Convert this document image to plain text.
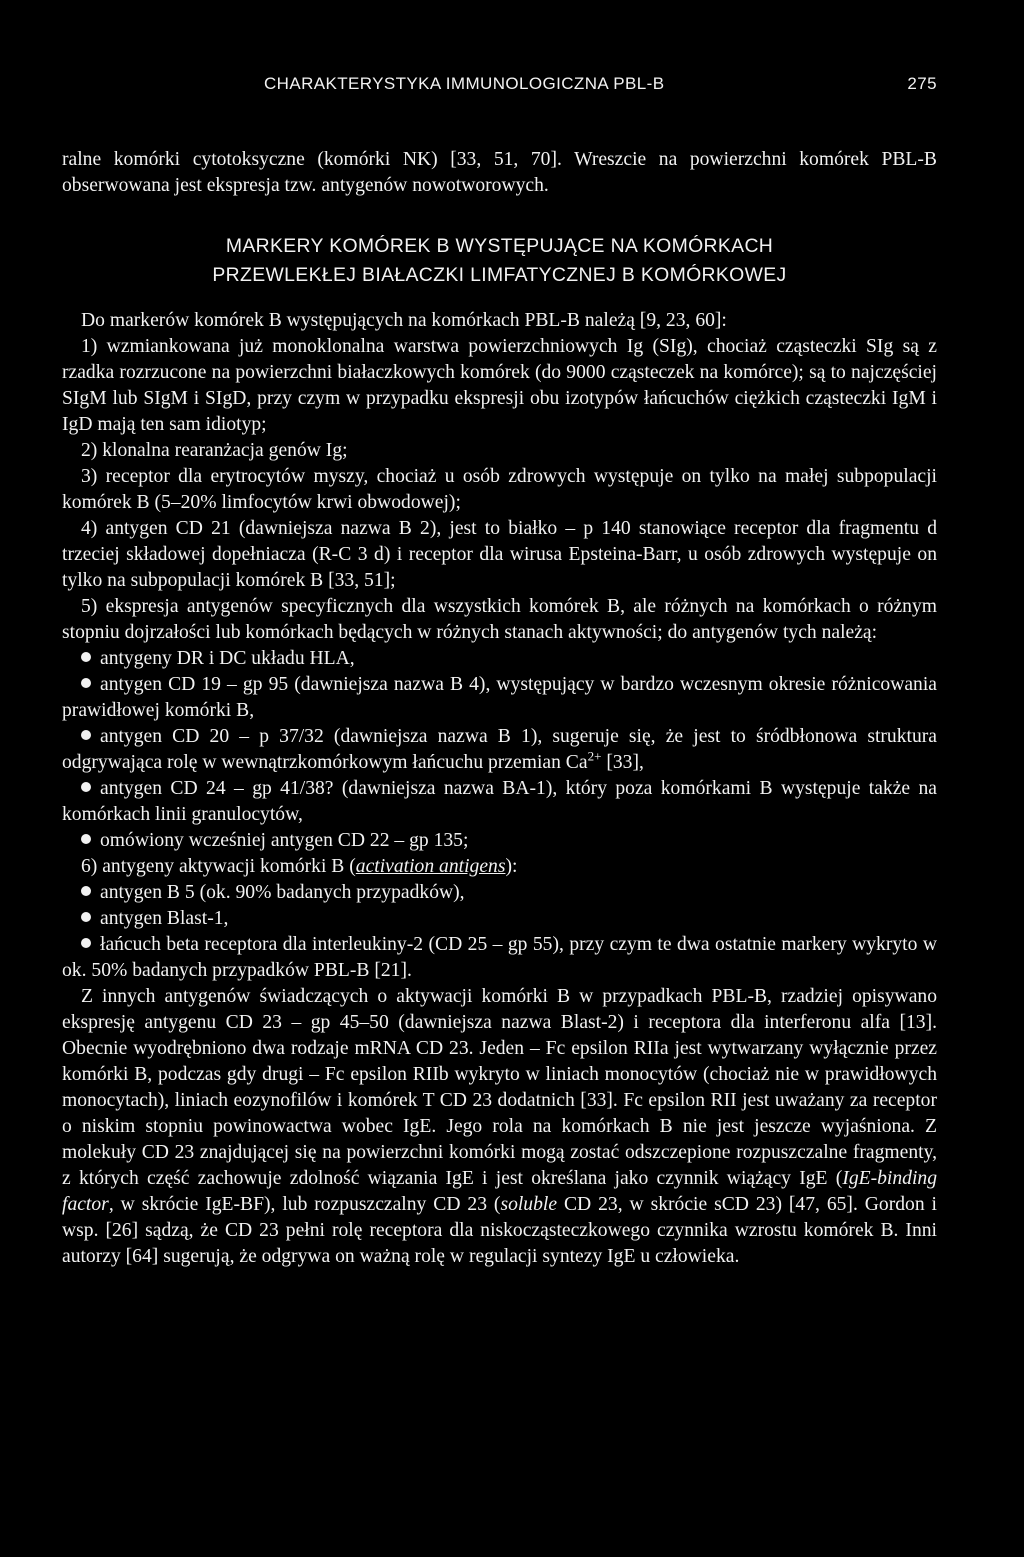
CHARAKTERYSTYKA IMMUNOLOGICZNA PBL-B	275

ralne komórki cytotoksyczne (komórki NK) [33, 51, 70]. Wreszcie na powierzchni komórek PBL-B obserwowana jest ekspresja tzw. antygenów nowotworowych.

MARKERY KOMÓREK B WYSTĘPUJĄCE NA KOMÓRKACH
PRZEWLEKŁEJ BIAŁACZKI LIMFATYCZNEJ B KOMÓRKOWEJ

Do markerów komórek B występujących na komórkach PBL-B należą [9, 23, 60]:

1) wzmiankowana już monoklonalna warstwa powierzchniowych Ig (SIg), chociaż cząsteczki SIg są z rzadka rozrzucone na powierzchni białaczkowych komórek (do 9000 cząsteczek na komórce); są to najczęściej SIgM lub SIgM i SIgD, przy czym w przypadku ekspresji obu izotypów łańcuchów ciężkich cząsteczki IgM i IgD mają ten sam idiotyp;

2) klonalna rearanżacja genów Ig;

3) receptor dla erytrocytów myszy, chociaż u osób zdrowych występuje on tylko na małej subpopulacji komórek B (5–20% limfocytów krwi obwodowej);

4) antygen CD 21 (dawniejsza nazwa B 2), jest to białko – p 140 stanowiące receptor dla fragmentu d trzeciej składowej dopełniacza (R-C 3 d) i receptor dla wirusa Epsteina-Barr, u osób zdrowych występuje on tylko na subpopulacji komórek B [33, 51];

5) ekspresja antygenów specyficznych dla wszystkich komórek B, ale różnych na komórkach o różnym stopniu dojrzałości lub komórkach będących w różnych stanach aktywności; do antygenów tych należą:

antygeny DR i DC układu HLA,

antygen CD 19 – gp 95 (dawniejsza nazwa B 4), występujący w bardzo wczesnym okresie różnicowania prawidłowej komórki B,

antygen CD 20 – p 37/32 (dawniejsza nazwa B 1), sugeruje się, że jest to śródbłonowa struktura odgrywająca rolę w wewnątrzkomórkowym łańcuchu przemian $Ca^{2+}$ [33],

antygen CD 24 – gp 41/38? (dawniejsza nazwa BA-1), który poza komórkami B występuje także na komórkach linii granulocytów,

omówiony wcześniej antygen CD 22 – gp 135;

6) antygeny aktywacji komórki B (activation antigens):

antygen B 5 (ok. 90% badanych przypadków),

antygen Blast-1,

łańcuch beta receptora dla interleukiny-2 (CD 25 – gp 55), przy czym te dwa ostatnie markery wykryto w ok. 50% badanych przypadków PBL-B [21].

Z innych antygenów świadczących o aktywacji komórki B w przypadkach PBL-B, rzadziej opisywano ekspresję antygenu CD 23 – gp 45–50 (dawniejsza nazwa Blast-2) i receptora dla interferonu alfa [13]. Obecnie wyodrębniono dwa rodzaje mRNA CD 23. Jeden – Fc epsilon RIIa jest wytwarzany wyłącznie przez komórki B, podczas gdy drugi – Fc epsilon RIIb wykryto w liniach monocytów (chociaż nie w prawidłowych monocytach), liniach eozynofilów i komórek T CD 23 dodatnich [33]. Fc epsilon RII jest uważany za receptor o niskim stopniu powinowactwa wobec IgE. Jego rola na komórkach B nie jest jeszcze wyjaśniona. Z molekuły CD 23 znajdującej się na powierzchni komórki mogą zostać odszczepione rozpuszczalne fragmenty, z których część zachowuje zdolność wiązania IgE i jest określana jako czynnik wiążący IgE (IgE-binding factor, w skrócie IgE-BF), lub rozpuszczalny CD 23 (soluble CD 23, w skrócie sCD 23) [47, 65]. Gordon i wsp. [26] sądzą, że CD 23 pełni rolę receptora dla niskocząsteczkowego czynnika wzrostu komórek B. Inni autorzy [64] sugerują, że odgrywa on ważną rolę w regulacji syntezy IgE u człowieka.
